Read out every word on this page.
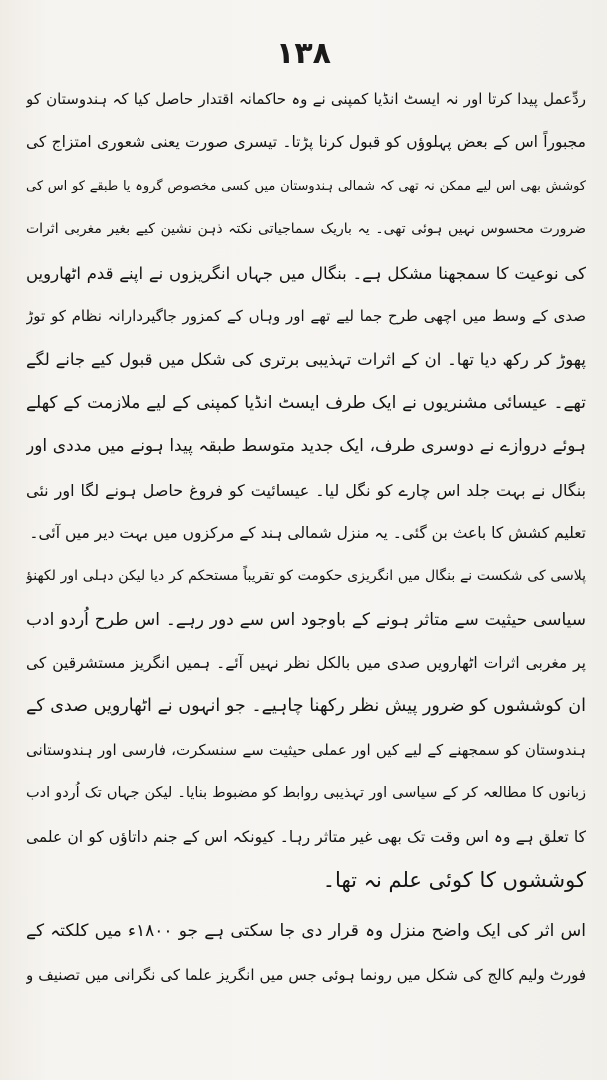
۱۳۸
ردِّعمل پیدا کرتا اور نہ ایسٹ انڈیا کمپنی نے وہ حاکمانہ اقتدار حاصل کیا کہ ہندوستان کو
مجبوراً اس کے بعض پہلوؤں کو قبول کرنا پڑتا۔ تیسری صورت یعنی شعوری امتزاج کی
کوشش بھی اس لیے ممکن نہ تھی کہ شمالی ہندوستان میں کسی مخصوص گروہ یا طبقے کو اس کی
ضرورت محسوس نہیں ہوئی تھی۔ یہ باریک سماجیاتی نکتہ ذہن نشین کیے بغیر مغربی اثرات
کی نوعیت کا سمجھنا مشکل ہے۔ بنگال میں جہاں انگریزوں نے اپنے قدم اٹھارویں
صدی کے وسط میں اچھی طرح جما لیے تھے اور وہاں کے کمزور جاگیردارانہ نظام کو توڑ
پھوڑ کر رکھ دیا تھا۔ ان کے اثرات تہذیبی برتری کی شکل میں قبول کیے جانے لگے
تھے۔ عیسائی مشنریوں نے ایک طرف ایسٹ انڈیا کمپنی کے لیے ملازمت کے کھلے
ہوئے دروازے نے دوسری طرف، ایک جدید متوسط طبقہ پیدا ہونے میں مددی اور
بنگال نے بہت جلد اس چارے کو نگل لیا۔ عیسائیت کو فروغ حاصل ہونے لگا اور نئی
تعلیم کشش کا باعث بن گئی۔ یہ منزل شمالی ہند کے مرکزوں میں بہت دیر میں آئی۔
پلاسی کی شکست نے بنگال میں انگریزی حکومت کو تقریباً مستحکم کر دیا لیکن دہلی اور لکھنؤ
سیاسی حیثیت سے متاثر ہونے کے باوجود اس سے دور رہے۔ اس طرح اُردو ادب
پر مغربی اثرات اٹھارویں صدی میں بالکل نظر نہیں آئے۔ ہمیں انگریز مستشرقین کی
ان کوششوں کو ضرور پیش نظر رکھنا چاہیے۔ جو انہوں نے اٹھارویں صدی کے
ہندوستان کو سمجھنے کے لیے کیں اور عملی حیثیت سے سنسکرت، فارسی اور ہندوستانی
زبانوں کا مطالعہ کر کے سیاسی اور تہذیبی روابط کو مضبوط بنایا۔ لیکن جہاں تک اُردو ادب
کا تعلق ہے وہ اس وقت تک بھی غیر متاثر رہا۔ کیونکہ اس کے جنم داتاؤں کو ان علمی
کوششوں کا کوئی علم نہ تھا۔
اس اثر کی ایک واضح منزل وہ قرار دی جا سکتی ہے جو ۱۸۰۰ء میں کلکتہ کے
فورٹ ولیم کالج کی شکل میں رونما ہوئی جس میں انگریز علما کی نگرانی میں تصنیف و
